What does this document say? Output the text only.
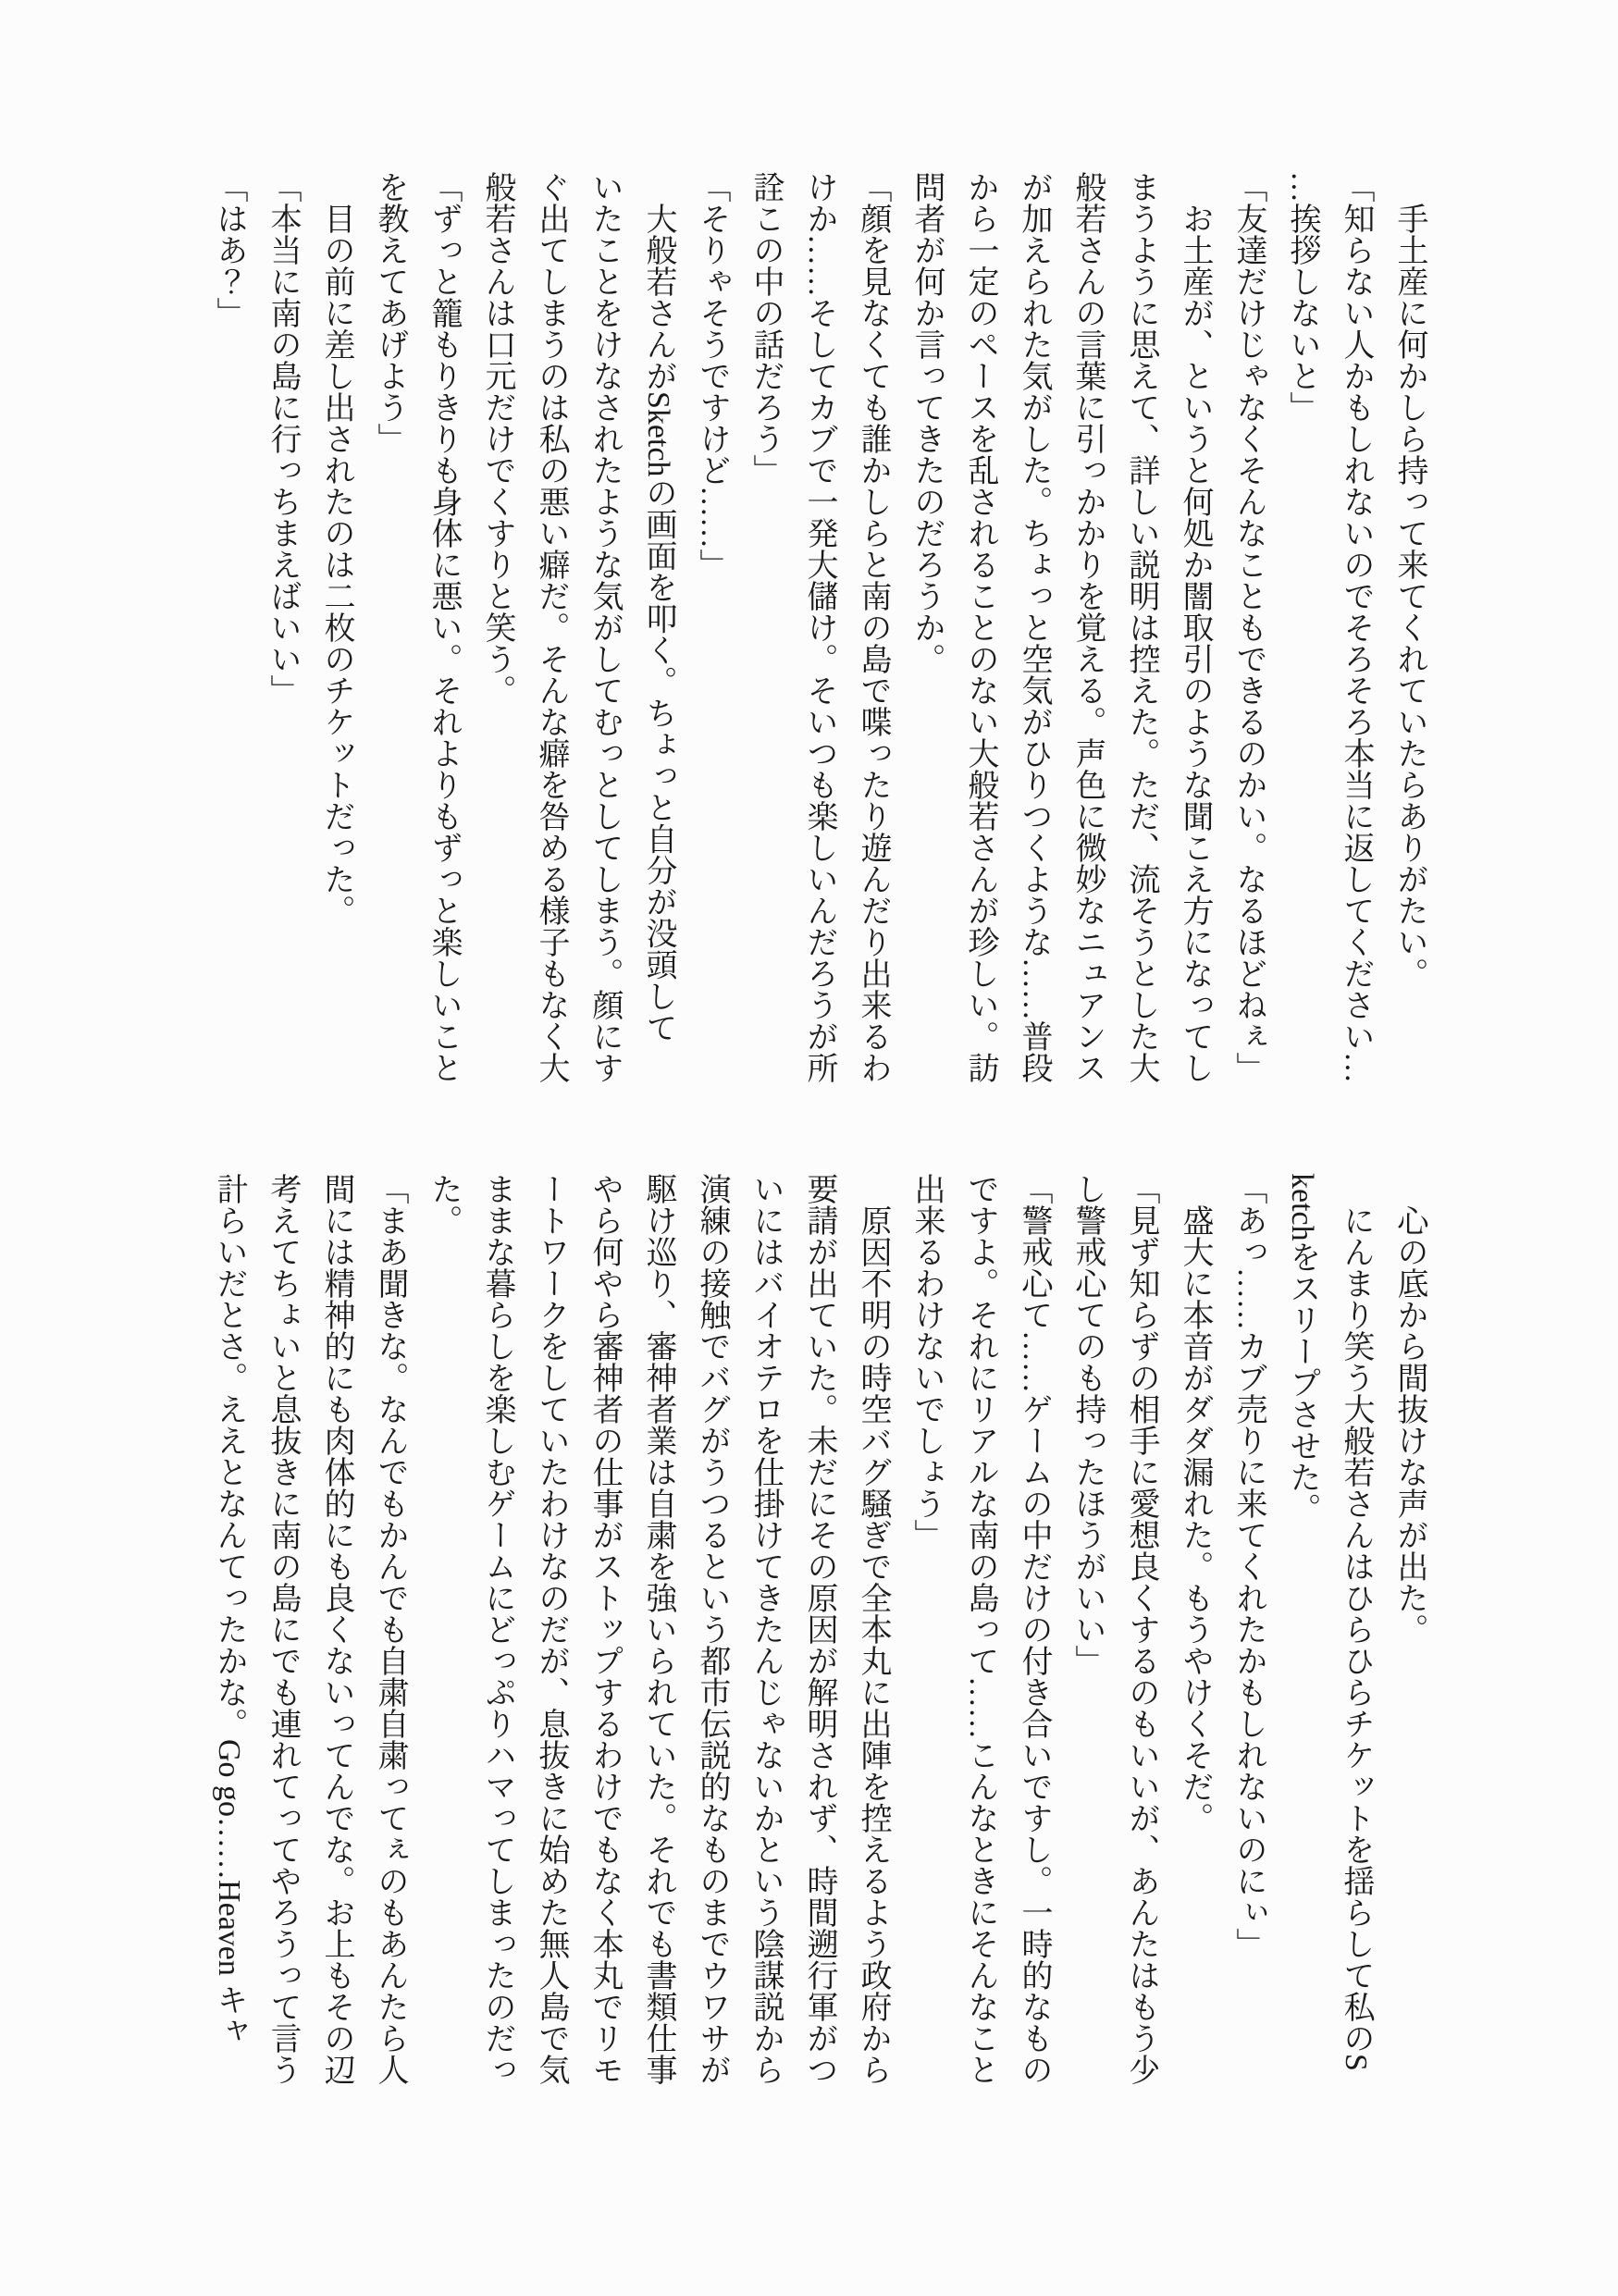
　手土産に何かしら持って来てくれていたらありがたい。
「知らない人かもしれないのでそろそろ本当に返してください…
…挨拶しないと」
「友達だけじゃなくそんなこともできるのかい。なるほどねぇ」
　お土産が、というと何処か闇取引のような聞こえ方になってし
まうように思えて、詳しい説明は控えた。ただ、流そうとした大
般若さんの言葉に引っかかりを覚える。声色に微妙なニュアンス
が加えられた気がした。ちょっと空気がひりつくような……普段
から一定のペースを乱されることのない大般若さんが珍しい。訪
問者が何か言ってきたのだろうか。
「顔を見なくても誰かしらと南の島で喋ったり遊んだり出来るわ
けか……そしてカブで一発大儲け。そいつも楽しいんだろうが所
詮この中の話だろう」
「そりゃそうですけど……」
　大般若さんがSketchの画面を叩く。ちょっと自分が没頭して
いたことをけなされたような気がしてむっとしてしまう。顔にす
ぐ出てしまうのは私の悪い癖だ。そんな癖を咎める様子もなく大
般若さんは口元だけでくすりと笑う。
「ずっと籠もりきりも身体に悪い。それよりもずっと楽しいこと
を教えてあげよう」
　目の前に差し出されたのは二枚のチケットだった。
「本当に南の島に行っちまえばいい」
「はあ？」
　心の底から間抜けな声が出た。
　にんまり笑う大般若さんはひらひらチケットを揺らして私のS
ketchをスリープさせた。
「あっ……カブ売りに来てくれたかもしれないのにぃ」
　盛大に本音がダダ漏れた。もうやけくそだ。
「見ず知らずの相手に愛想良くするのもいいが、あんたはもう少
し警戒心てのも持ったほうがいい」
「警戒心て……ゲームの中だけの付き合いですし。一時的なもの
ですよ。それにリアルな南の島って……こんなときにそんなこと
出来るわけないでしょう」
　原因不明の時空バグ騒ぎで全本丸に出陣を控えるよう政府から
要請が出ていた。未だにその原因が解明されず、時間遡行軍がつ
いにはバイオテロを仕掛けてきたんじゃないかという陰謀説から
演練の接触でバグがうつるという都市伝説的なものまでウワサが
駆け巡り、審神者業は自粛を強いられていた。それでも書類仕事
やら何やら審神者の仕事がストップするわけでもなく本丸でリモ
ートワークをしていたわけなのだが、息抜きに始めた無人島で気
ままな暮らしを楽しむゲームにどっぷりハマってしまったのだっ
た。
「まあ聞きな。なんでもかんでも自粛自粛ってぇのもあんたら人
間には精神的にも肉体的にも良くないってんでな。お上もその辺
考えてちょいと息抜きに南の島にでも連れてってやろうって言う
計らいだとさ。ええとなんてったかな。Go go……Heaven キャ
